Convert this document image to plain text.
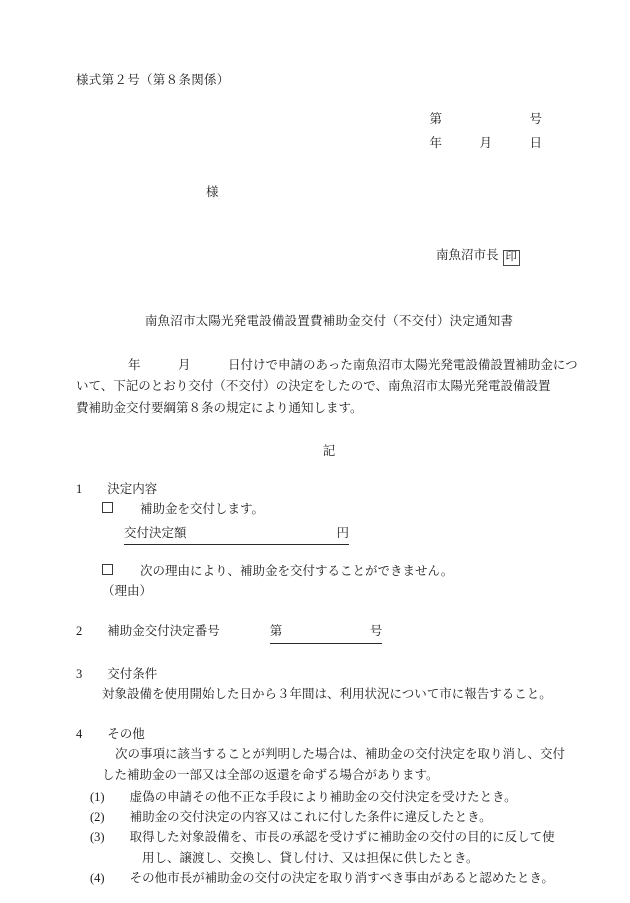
様式第２号（第８条関係）
第　　　　　　　号
年　　　月　　　日
様

南魚沼市長 印

南魚沼市太陽光発電設備設置費補助金交付（不交付）決定通知書
年　　　月　　　日付けで申請のあった南魚沼市太陽光発電設備設置補助金につ
いて、下記のとおり交付（不交付）の決定をしたので、南魚沼市太陽光発電設備設置
費補助金交付要綱第８条の規定により通知します。
記
1　　 決定内容
　　補助金を交付します。
交付決定額　　　　　　　　　　　　	円
　　次の理由により、補助金を交付することができません。
（理由）
2　　 補助金交付決定番号　　　　	第　　　　　　　	号
3　　 交付条件
対象設備を使用開始した日から３年間は、利用状況について市に報告すること。
4　　 その他
次の事項に該当することが判明した場合は、補助金の交付決定を取り消し、交付
した補助金の一部又は全部の返還を命ずる場合があります。
(1)　　 虚偽の申請その他不正な手段により補助金の交付決定を受けたとき。
(2)　　 補助金の交付決定の内容又はこれに付した条件に違反したとき。
(3)　　 取得した対象設備を、市長の承認を受けずに補助金の交付の目的に反して使
用し、譲渡し、交換し、貸し付け、又は担保に供したとき。
(4)　　 その他市長が補助金の交付の決定を取り消すべき事由があると認めたとき。
